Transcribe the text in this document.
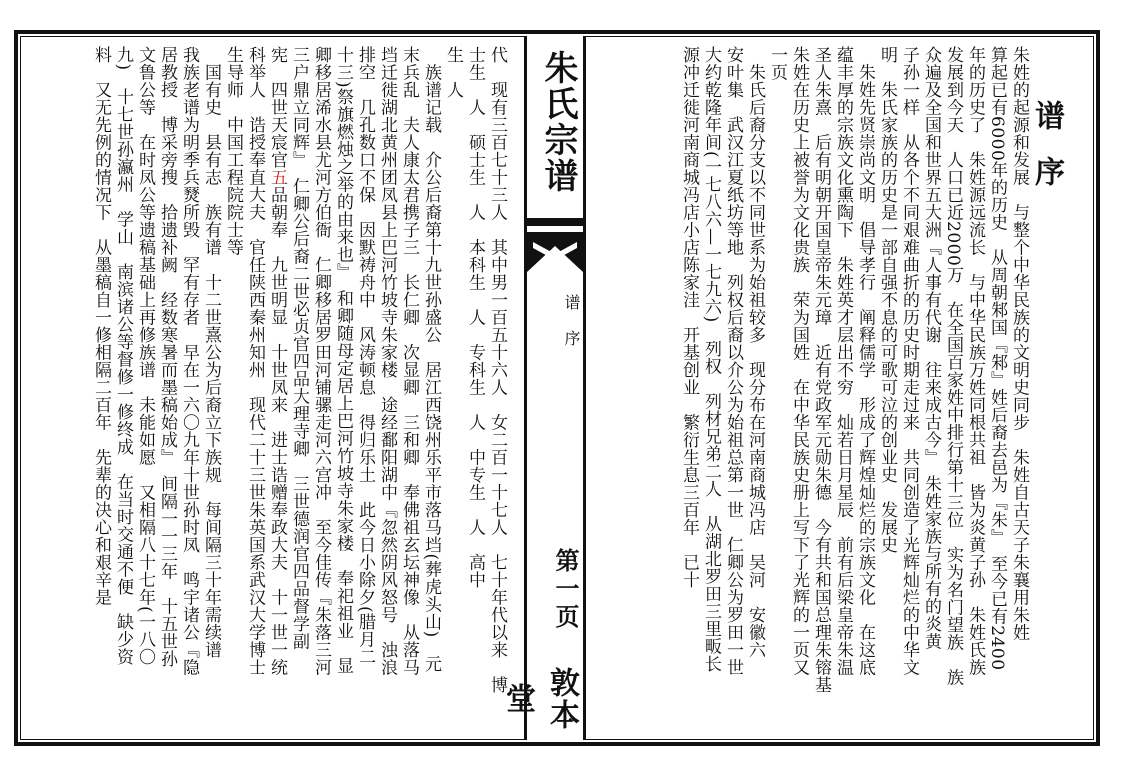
谱序
朱姓的起源和发展　与整个中华民族的文明史同步　朱姓自古天子朱襄用朱姓
算起已有6000年的历史　从周朝邾国『邾』姓后裔去邑为『朱』　至今已有2400
年的历史了　朱姓源远流长　与中华民族万姓同根共祖　皆为炎黄子孙　朱姓氏族
发展到今天　人口已近2000万　在全国百家姓中排行第十三位　实为名门望族　族
众遍及全国和世界五大洲『人事有代谢　往来成古今』　朱姓家族与所有的炎黄
子孙一样　从各个不同艰难曲折的历史时期走过来　共同创造了光辉灿烂的中华文
明　朱氏家族的历史是一部自强不息的可歌可泣的创业史　发展史
　朱姓先贤崇尚文明　倡导孝行　阐释儒学　形成了辉煌灿烂的宗族文化　在这底
蕴丰厚的宗族文化熏陶下　朱姓英才层出不穷　灿若日月星辰　前有后梁皇帝朱温
圣人朱熹　后有明朝开国皇帝朱元璋　近有党政军元勋朱德　今有共和国总理朱镕基
朱姓在历史上被誉为文化贵族　荣为国姓　在中华民族史册上写下了光辉的一页又
一页
　朱氏后裔分支以不同世系为始祖较多　现分布在河南商城冯店　吴河　安徽六
安叶集　武汉江夏纸坊等地　列权后裔以介公为始祖总第一世　仁卿公为罗田一世
大约乾隆年间(一七八六—一七九六)　列权　列材兄弟二人　从湖北罗田三里畈长
源冲迁徙河南商城冯店小店陈家洼　开基创业　繁衍生息三百年　已十
朱氏宗谱
谱序
第一页
敦本堂
代　现有三百七十三人　其中男一百五十六人　女二百一十七人　七十年代以来　博
士生　人　硕士生　人　本科生　人　专科生　人　中专生　人　高中
生　人
　族谱记载　介公后裔第十九世孙盛公　居江西饶州乐平市落马垱(葬虎头山)　元
末兵乱　夫人康太君携子三　长仁卿　次显卿　三和卿　奉佛祖玄坛神像　从落马
垱迁徙湖北黄州团凤县上巴河竹坡寺朱家楼　途经鄱阳湖中『忽然阴风怒号　浊浪
排空　几孔数口不保　因默祷舟中　风涛顿息　得归乐土　此今日小除夕(腊月二
十三)祭旗燃烛之举的由来也』　和卿随母定居上巴河竹坡寺朱家楼　奉祀祖业　显
卿移居浠水县尤河方伯衙　仁卿移居罗田河铺骡走河六宫冲　至今佳传『朱落三河
三户鼎立同辉』　仁卿公后裔二世必贞官四品大理寺卿　三世德润官四品督学副
宪　四世天宸官五品朝奉　九世明显　十世凤来　进士诰赠奉政大夫　十一世一统
科举人　诰授奉直大夫　官任陕西秦州知州　现代二十三世朱英国系武汉大学博士
生导师　中国工程院院士等
　国有史　县有志　族有谱　十二世熹公为后裔立下族规　每间隔三十年需续谱
我族老谱为明季兵燹所毁　罕有存者　早在一六〇九年十世孙时凤　鸣宇诸公『隐
居教授　博采旁搜　拾遗补阙　经数寒暑而墨稿始成』　间隔一一三年　十五世孙
文鲁公等　在时凤公等遗稿基础上再修族谱　未能如愿　又相隔八十七年(一八〇
九)　十七世孙瀛州　学山　南滨诸公等督修一修终成　在当时交通不便　缺少资
料　又无先例的情况下　从墨稿自一修相隔二百年　先辈的决心和艰辛是
